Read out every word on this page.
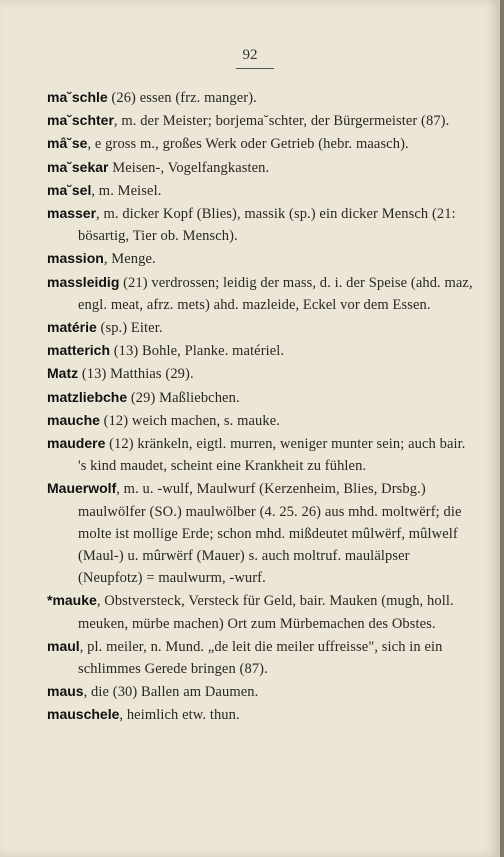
92

ma˘schle (26) essen (frz. manger).

ma˘schter, m. der Meister; borjema˘schter, der Bürgermeister (87).

mâ˘se, e gross m., großes Werk oder Getrieb (hebr. maasch).

ma˘sekar Meisen-, Vogelfangkasten.

ma˘sel, m. Meisel.

masser, m. dicker Kopf (Blies), massik (sp.) ein dicker Mensch (21: bösartig, Tier ob. Mensch).

massion, Menge.

massleidig (21) verdrossen; leidig der mass, d. i. der Speise (ahd. maz, engl. meat, afrz. mets) ahd. mazleide, Eckel vor dem Essen.

matérie (sp.) Eiter.

matterich (13) Bohle, Planke. matériel.

Matz (13) Matthias (29).

matzliebche (29) Maßliebchen.

mauche (12) weich machen, s. mauke.

maudere (12) kränkeln, eigtl. murren, weniger munter sein; auch bair. 's kind maudet, scheint eine Krankheit zu fühlen.

Mauerwolf, m. u. -wulf, Maulwurf (Kerzenheim, Blies, Drsbg.) maulwölfer (SO.) maulwölber (4. 25. 26) aus mhd. moltwërf; die molte ist mollige Erde; schon mhd. mißdeutet mûlwërf, mûlwelf (Maul-) u. mûrwërf (Mauer) s. auch moltruf. maulälpser (Neupfotz) = maulwurm, -wurf.

*mauke, Obstversteck, Versteck für Geld, bair. Mauken (mugh, holl. meuken, mürbe machen) Ort zum Mürbemachen des Obstes.

maul, pl. meiler, n. Mund. „de leit die meiler uffreisse", sich in ein schlimmes Gerede bringen (87).

maus, die (30) Ballen am Daumen.

mauschele, heimlich etw. thun.
